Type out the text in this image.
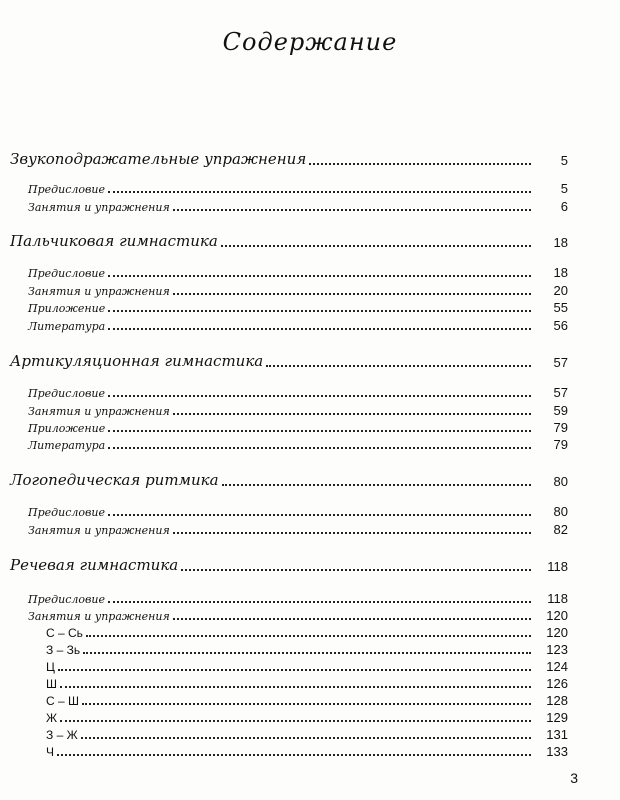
Содержание
Звукоподражательные упражнения	5
Предисловие	5
Занятия и упражнения	6
Пальчиковая гимнастика	18
Предисловие	18
Занятия и упражнения	20
Приложение	55
Литература	56
Артикуляционная гимнастика	57
Предисловие	57
Занятия и упражнения	59
Приложение	79
Литература	79
Логопедическая ритмика	80
Предисловие	80
Занятия и упражнения	82
Речевая гимнастика	118
Предисловие	118
Занятия и упражнения	120
С – Сь	120
З – Зь	123
Ц	124
Ш	126
С – Ш	128
Ж	129
З – Ж	131
Ч	133
3
